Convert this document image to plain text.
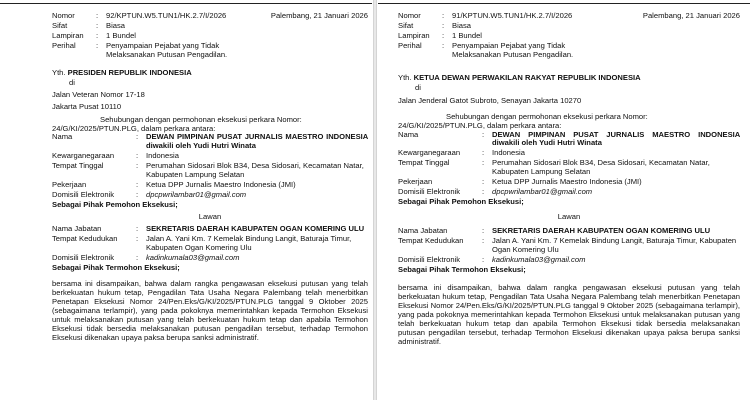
Nomor	:	92/KPTUN.W5.TUN1/HK.2.7/I/2026	Palembang, 21 Januari 2026
Sifat	:	Biasa
Lampiran	:	1 Bundel
Perihal	:	Penyampaian Pejabat yang Tidak
Melaksanakan Putusan Pengadilan.
Yth. PRESIDEN REPUBLIK INDONESIA
di
Jalan Veteran Nomor 17-18
Jakarta Pusat 10110
Sehubungan dengan permohonan eksekusi perkara Nomor:
24/G/KI/2025/PTUN.PLG, dalam perkara antara:
Nama	:	DEWAN PIMPINAN PUSAT JURNALIS MAESTRO INDONESIA diwakili oleh Yudi Hutri Winata
Kewarganegaraan	:	Indonesia
Tempat Tinggal	:	Perumahan Sidosari Blok B34, Desa Sidosari, Kecamatan Natar, Kabupaten Lampung Selatan
Pekerjaan	:	Ketua DPP Jurnalis Maestro Indonesia (JMI)
Domisili Elektronik	:	dpcpwrilambar01@gmail.com
Sebagai Pihak Pemohon Eksekusi;
Lawan
Nama Jabatan	:	SEKRETARIS DAERAH KABUPATEN OGAN KOMERING ULU
Tempat Kedudukan	:	Jalan A. Yani Km. 7 Kemelak Bindung Langit, Baturaja Timur, Kabupaten Ogan Komering Ulu
Domisili Elektronik	:	kadinkumala03@gmail.com
Sebagai Pihak Termohon Eksekusi;
bersama ini disampaikan, bahwa dalam rangka pengawasan eksekusi putusan yang telah berkekuatan hukum tetap, Pengadilan Tata Usaha Negara Palembang telah menerbitkan Penetapan Eksekusi Nomor 24/Pen.Eks/G/KI/2025/PTUN.PLG tanggal 9 Oktober 2025 (sebagaimana terlampir), yang pada pokoknya memerintahkan kepada Termohon Eksekusi untuk melaksanakan putusan yang telah berkekuatan hukum tetap dan apabila Termohon Eksekusi tidak bersedia melaksanakan putusan pengadilan tersebut, terhadap Termohon Eksekusi dikenakan upaya paksa berupa sanksi administratif.
Nomor	:	91/KPTUN.W5.TUN1/HK.2.7/I/2026	Palembang, 21 Januari 2026
Sifat	:	Biasa
Lampiran	:	1 Bundel
Perihal	:	Penyampaian Pejabat yang Tidak
Melaksanakan Putusan Pengadilan.
Yth. KETUA DEWAN PERWAKILAN RAKYAT REPUBLIK INDONESIA
di
Jalan Jenderal Gatot Subroto, Senayan Jakarta 10270
Sehubungan dengan permohonan eksekusi perkara Nomor:
24/G/KI/2025/PTUN.PLG, dalam perkara antara:
Nama	:	DEWAN PIMPINAN PUSAT JURNALIS MAESTRO INDONESIA diwakili oleh Yudi Hutri Winata
Kewarganegaraan	:	Indonesia
Tempat Tinggal	:	Perumahan Sidosari Blok B34, Desa Sidosari, Kecamatan Natar, Kabupaten Lampung Selatan
Pekerjaan	:	Ketua DPP Jurnalis Maestro Indonesia (JMI)
Domisili Elektronik	:	dpcpwrilambar01@gmail.com
Sebagai Pihak Pemohon Eksekusi;
Lawan
Nama Jabatan	:	SEKRETARIS DAERAH KABUPATEN OGAN KOMERING ULU
Tempat Kedudukan	:	Jalan A. Yani Km. 7 Kemelak Bindung Langit, Baturaja Timur, Kabupaten Ogan Komering Ulu
Domisili Elektronik	:	kadinkumala03@gmail.com
Sebagai Pihak Termohon Eksekusi;
bersama ini disampaikan, bahwa dalam rangka pengawasan eksekusi putusan yang telah berkekuatan hukum tetap, Pengadilan Tata Usaha Negara Palembang telah menerbitkan Penetapan Eksekusi Nomor 24/Pen.Eks/G/KI/2025/PTUN.PLG tanggal 9 Oktober 2025 (sebagaimana terlampir), yang pada pokoknya memerintahkan kepada Termohon Eksekusi untuk melaksanakan putusan yang telah berkekuatan hukum tetap dan apabila Termohon Eksekusi tidak bersedia melaksanakan putusan pengadilan tersebut, terhadap Termohon Eksekusi dikenakan upaya paksa berupa sanksi administratif.
